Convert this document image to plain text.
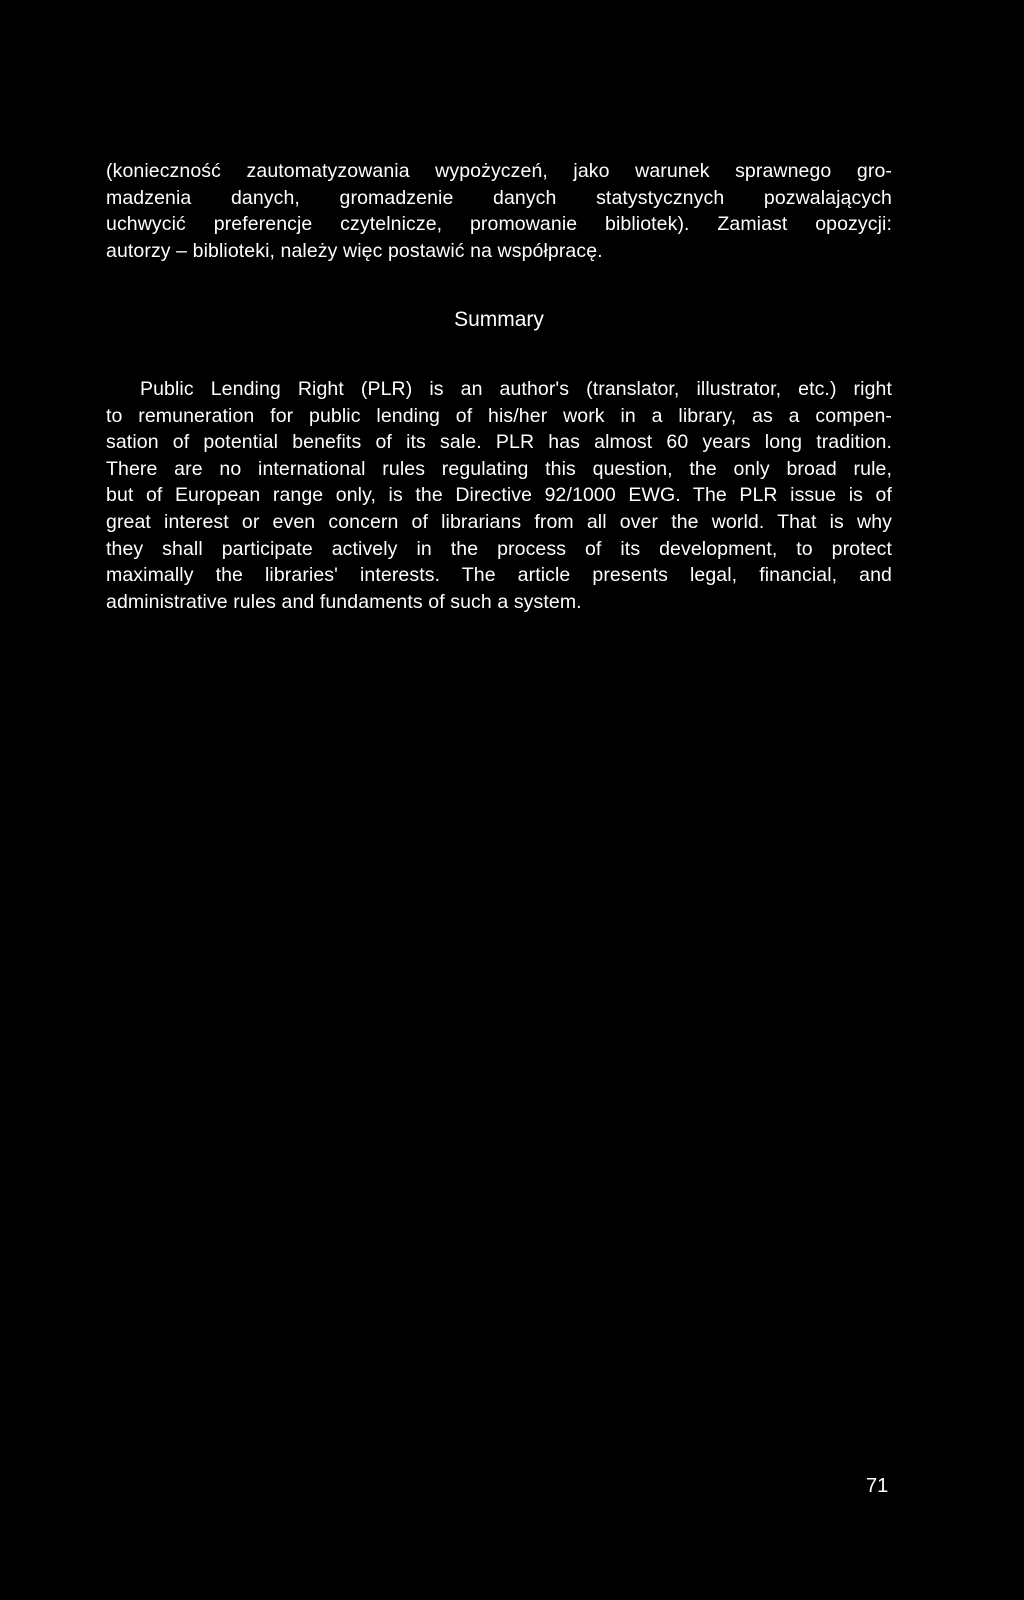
(konieczność zautomatyzowania wypożyczeń, jako warunek sprawnego gro-
madzenia danych, gromadzenie danych statystycznych pozwalających
uchwycić preferencje czytelnicze, promowanie bibliotek). Zamiast opozycji:
autorzy – biblioteki, należy więc postawić na współpracę.

Summary

Public Lending Right (PLR) is an author's (translator, illustrator, etc.) right
to remuneration for public lending of his/her work in a library, as a compen-
sation of potential benefits of its sale. PLR has almost 60 years long tradition.
There are no international rules regulating this question, the only broad rule,
but of European range only, is the Directive 92/1000 EWG. The PLR issue is of
great interest or even concern of librarians from all over the world. That is why
they shall participate actively in the process of its development, to protect
maximally the libraries' interests. The article presents legal, financial, and
administrative rules and fundaments of such a system.

71
